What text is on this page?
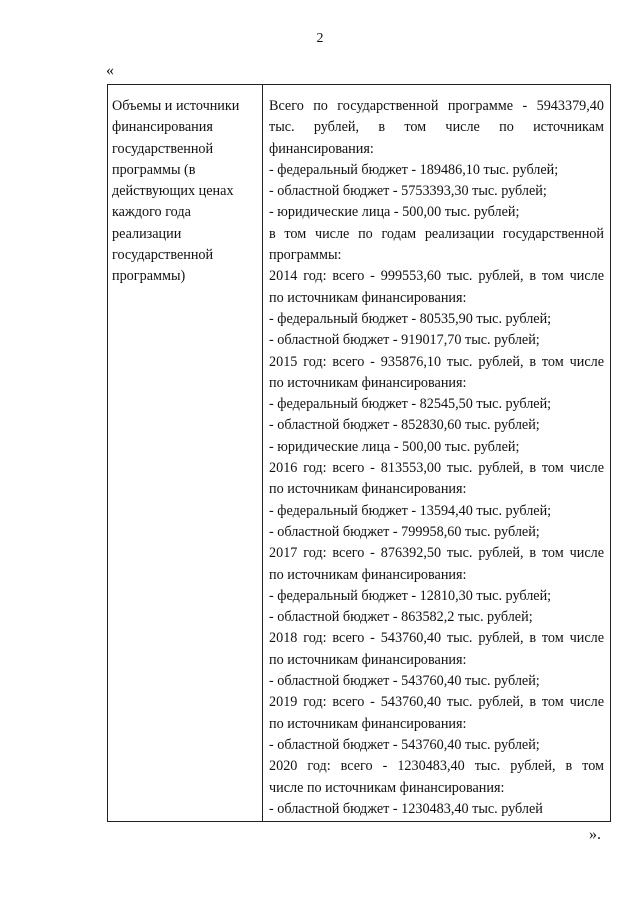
2
«
Объемы и источники
финансирования
государственной
программы (в
действующих ценах
каждого года
реализации
государственной
программы)
Всего по государственной программе - 5943379,40
тыс. рублей, в том числе по источникам
финансирования:
- федеральный бюджет - 189486,10 тыс. рублей;
- областной бюджет - 5753393,30 тыс. рублей;
- юридические лица - 500,00 тыс. рублей;
в том числе по годам реализации государственной
программы:
2014 год: всего - 999553,60 тыс. рублей, в том числе
по источникам финансирования:
- федеральный бюджет - 80535,90 тыс. рублей;
- областной бюджет - 919017,70 тыс. рублей;
2015 год: всего - 935876,10 тыс. рублей, в том числе
по источникам финансирования:
- федеральный бюджет - 82545,50 тыс. рублей;
- областной бюджет - 852830,60 тыс. рублей;
- юридические лица - 500,00 тыс. рублей;
2016 год: всего - 813553,00 тыс. рублей, в том числе
по источникам финансирования:
- федеральный бюджет - 13594,40 тыс. рублей;
- областной бюджет - 799958,60 тыс. рублей;
2017 год: всего - 876392,50 тыс. рублей, в том числе
по источникам финансирования:
- федеральный бюджет - 12810,30 тыс. рублей;
- областной бюджет - 863582,2 тыс. рублей;
2018 год: всего - 543760,40 тыс. рублей, в том числе
по источникам финансирования:
- областной бюджет - 543760,40 тыс. рублей;
2019 год: всего - 543760,40 тыс. рублей, в том числе
по источникам финансирования:
- областной бюджет - 543760,40 тыс. рублей;
2020 год: всего - 1230483,40 тыс. рублей, в том
числе по источникам финансирования:
- областной бюджет - 1230483,40 тыс. рублей
».
